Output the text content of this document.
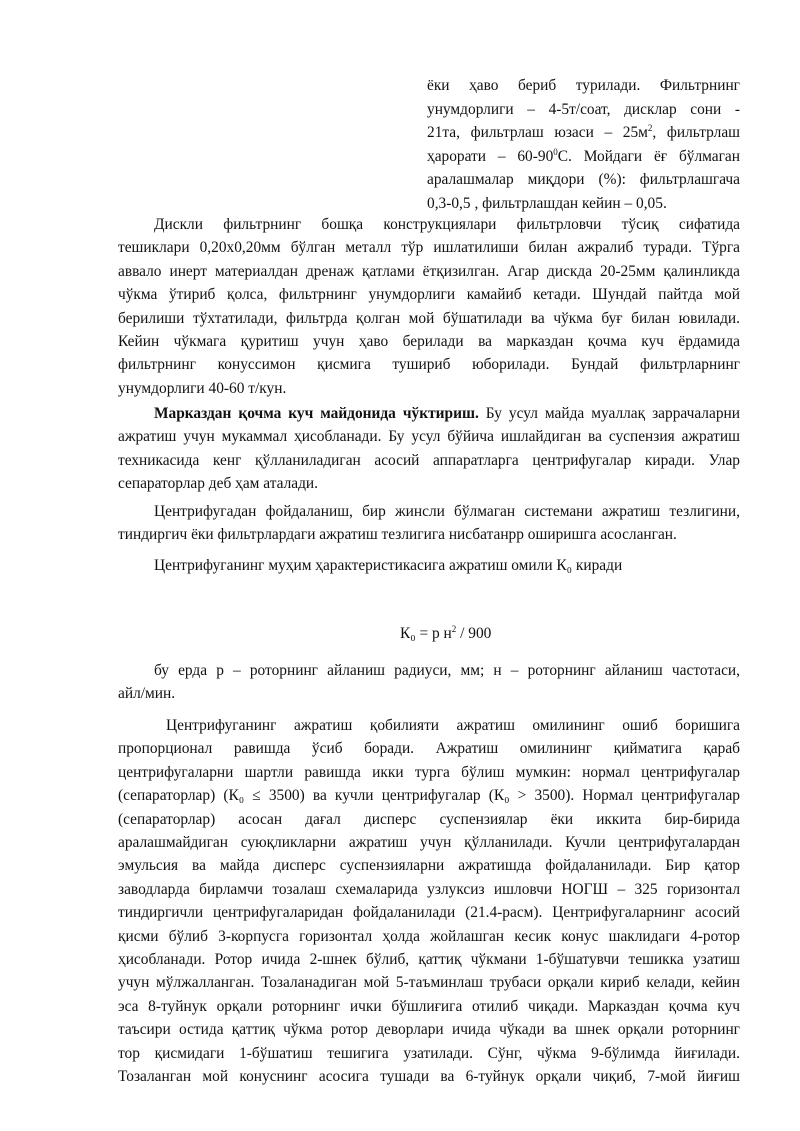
ёки ҳаво бериб турилади. Фильтрнинг
унумдорлиги – 4-5т/соат, дисклар сони -
21та, фильтрлаш юзаси – $25м^2$, фильтрлаш
ҳарорати – $60-90^0С$. Мойдаги ёғ бўлмаган
аралашмалар миқдори (%): фильтрлашгача
0,3-0,5 , фильтрлашдан кейин – 0,05.
Дискли фильтрнинг бошқа конструкциялари фильтрловчи тўсиқ сифатида
тешиклари 0,20х0,20мм бўлган металл тўр ишлатилиши билан ажралиб туради. Тўрга
аввало инерт материалдан дренаж қатлами ётқизилган. Агар дискда 20-25мм қалинликда
чўкма ўтириб қолса, фильтрнинг унумдорлиги камайиб кетади. Шундай пайтда мой
берилиши тўхтатилади, фильтрда қолган мой бўшатилади ва чўкма буғ билан ювилади.
Кейин чўкмага қуритиш учун ҳаво берилади ва марказдан қочма куч ёрдамида
фильтрнинг конуссимон қисмига тушириб юборилади. Бундай фильтрларнинг
унумдорлиги 40-60 т/кун.
Марказдан қочма куч майдонида чўктириш. Бу усул майда муаллақ заррачаларни
ажратиш учун мукаммал ҳисобланади. Бу усул бўйича ишлайдиган ва суспензия ажратиш
техникасида кенг қўлланиладиган асосий аппаратларга центрифугалар киради. Улар
сепараторлар деб ҳам аталади.
Центрифугадан фойдаланиш, бир жинсли бўлмаган системани ажратиш тезлигини,
тиндиргич ёки фильтрлардаги ажратиш тезлигига нисбатанрр оширишга асосланган.
Центрифуганинг муҳим ҳарактеристикасига ажратиш омили К₀ киради
К₀ = р $н^2 / 900$
бу ерда р – роторнинг айланиш радиуси, мм; н – роторнинг айланиш частотаси,
айл/мин.
Центрифуганинг ажратиш қобилияти ажратиш омилининг ошиб боришига
пропорционал равишда ўсиб боради. Ажратиш омилининг қийматига қараб
центрифугаларни шартли равишда икки турга бўлиш мумкин: нормал центрифугалар
(сепараторлар) (К₀ ≤ 3500) ва кучли центрифугалар (К₀ > 3500). Нормал центрифугалар
(сепараторлар) асосан дағал дисперс суспензиялар ёки иккита бир-бирида
аралашмайдиган суюқликларни ажратиш учун қўлланилади. Кучли центрифугалардан
эмульсия ва майда дисперс суспензияларни ажратишда фойдаланилади. Бир қатор
заводларда бирламчи тозалаш схемаларида узлуксиз ишловчи НОГШ – 325 горизонтал
тиндиргичли центрифугаларидан фойдаланилади (21.4-расм). Центрифугаларнинг асосий
қисми бўлиб 3-корпусга горизонтал ҳолда жойлашган кесик конус шаклидаги 4-ротор
ҳисобланади. Ротор ичида 2-шнек бўлиб, қаттиқ чўкмани 1-бўшатувчи тешикка узатиш
учун мўлжалланган. Тозаланадиган мой 5-таъминлаш трубаси орқали кириб келади, кейин
эса 8-туйнук орқали роторнинг ички бўшлиғига отилиб чиқади. Марказдан қочма куч
таъсири остида қаттиқ чўкма ротор деворлари ичида чўкади ва шнек орқали роторнинг
тор қисмидаги 1-бўшатиш тешигига узатилади. Сўнг, чўкма 9-бўлимда йиғилади.
Тозаланган мой конуснинг асосига тушади ва 6-туйнук орқали чиқиб, 7-мой йиғиш
